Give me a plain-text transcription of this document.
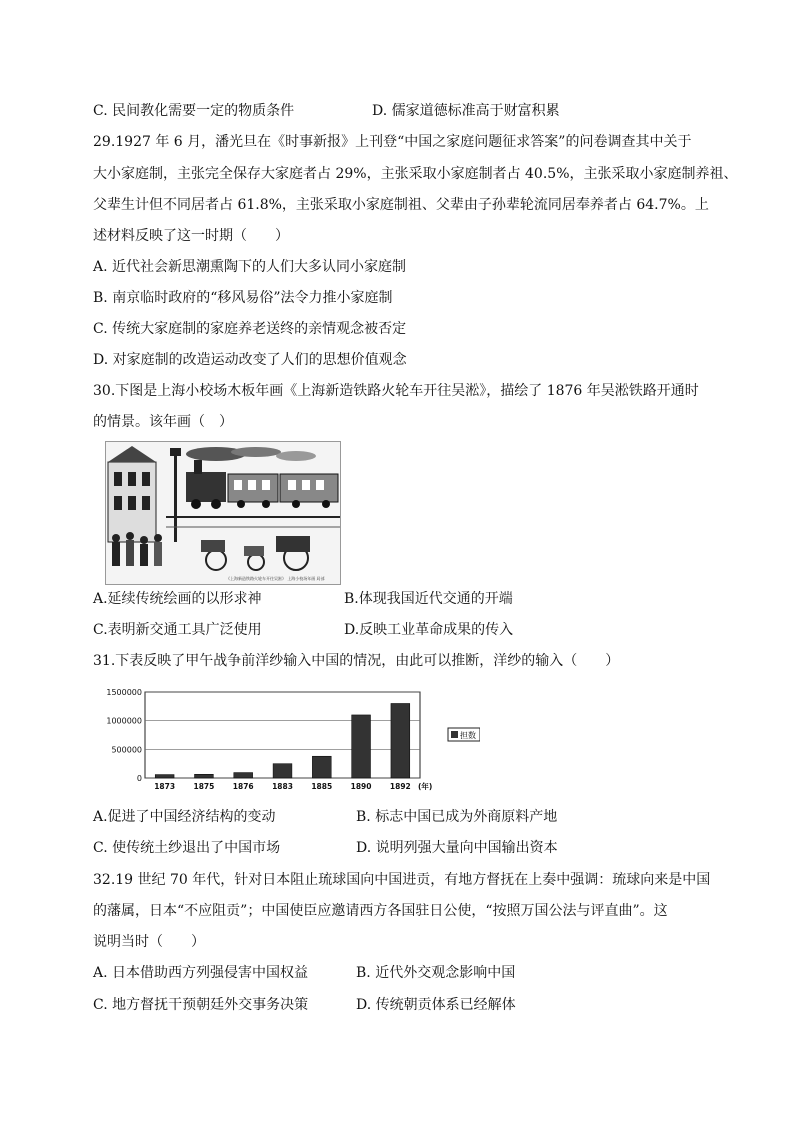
C. 民间教化需要一定的物质条件	D. 儒家道德标准高于财富积累
29.1927 年 6 月，潘光旦在《时事新报》上刊登“中国之家庭问题征求答案”的问卷调查其中关于
大小家庭制，主张完全保存大家庭者占 29%，主张采取小家庭制者占 40.5%，主张采取小家庭制养祖、
父辈生计但不同居者占 61.8%，主张采取小家庭制祖、父辈由子孙辈轮流同居奉养者占 64.7%。上
述材料反映了这一时期（　　）
A. 近代社会新思潮熏陶下的人们大多认同小家庭制
B. 南京临时政府的“移风易俗”法令力推小家庭制
C. 传统大家庭制的家庭养老送终的亲情观念被否定
D. 对家庭制的改造运动改变了人们的思想价值观念
30.下图是上海小校场木板年画《上海新造铁路火轮车开往吴淞》，描绘了 1876 年吴淞铁路开通时
的情景。该年画（　）
《上海新造铁路火轮车开往吴淞》 上海小校场年画 局部
A.延续传统绘画的以形求神	B.体现我国近代交通的开端
C.表明新交通工具广泛使用	D.反映工业革命成果的传入
31.下表反映了甲午战争前洋纱输入中国的情况，由此可以推断，洋纱的输入（　　）
1500000
1000000
500000
0
1873 1875 1876 1883 1885 1890 1892 (年)
担数
A.促进了中国经济结构的变动	B. 标志中国已成为外商原料产地
C. 使传统土纱退出了中国市场	D. 说明列强大量向中国输出资本
32.19 世纪 70 年代，针对日本阻止琉球国向中国进贡，有地方督抚在上奏中强调：琉球向来是中国
的藩属，日本“不应阻贡”；中国使臣应邀请西方各国驻日公使，“按照万国公法与评直曲”。这
说明当时（　　）
A. 日本借助西方列强侵害中国权益	B. 近代外交观念影响中国
C. 地方督抚干预朝廷外交事务决策	D. 传统朝贡体系已经解体
